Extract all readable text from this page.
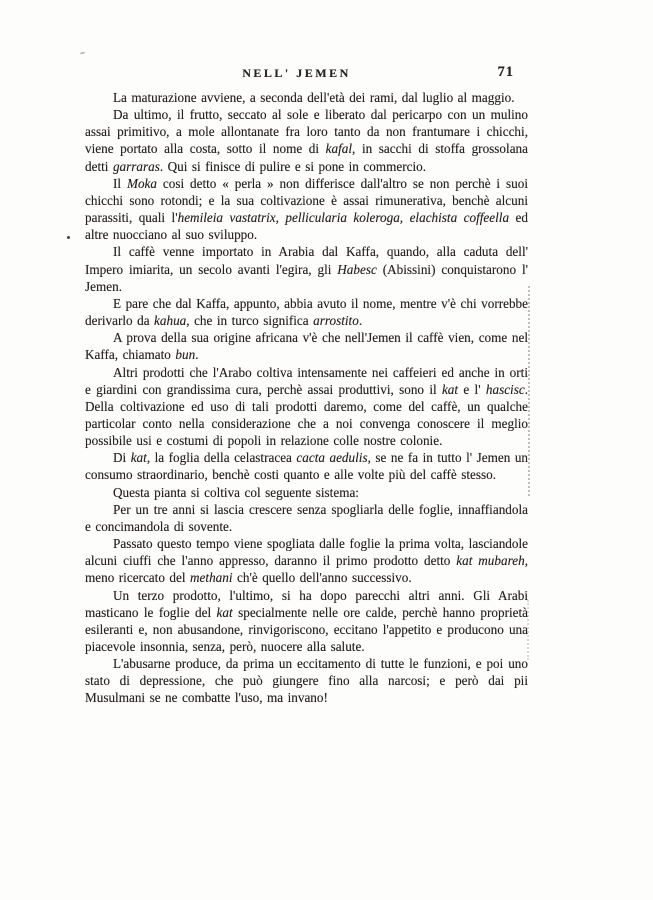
NELL' JEMEN	71

La maturazione avviene, a seconda dell'età dei rami, dal luglio al maggio.

Da ultimo, il frutto, seccato al sole e liberato dal pericarpo con un mulino assai primitivo, a mole allontanate fra loro tanto da non frantumare i chicchi, viene portato alla costa, sotto il nome di kafal, in sacchi di stoffa grossolana detti garraras. Qui si finisce di pulire e si pone in commercio.

Il Moka cosi detto « perla » non differisce dall'altro se non perchè i suoi chicchi sono rotondi; e la sua coltivazione è assai rimunerativa, benchè alcuni parassiti, quali l'hemileia vastatrix, pellicularia koleroga, elachista coffeella ed altre nuocciano al suo sviluppo.

Il caffè venne importato in Arabia dal Kaffa, quando, alla caduta dell' Impero imiarita, un secolo avanti l'egira, gli Habesc (Abissini) conquistarono l' Jemen.

E pare che dal Kaffa, appunto, abbia avuto il nome, mentre v'è chi vorrebbe derivarlo da kahua, che in turco significa arrostito.

A prova della sua origine africana v'è che nell'Jemen il caffè vien, come nel Kaffa, chiamato bun.

Altri prodotti che l'Arabo coltiva intensamente nei caffeieri ed anche in orti e giardini con grandissima cura, perchè assai produttivi, sono il kat e l' hascisc. Della coltivazione ed uso di tali prodotti daremo, come del caffè, un qualche particolar conto nella considerazione che a noi convenga conoscere il meglio possibile usi e costumi di popoli in relazione colle nostre colonie.

Di kat, la foglia della celastracea cacta aedulis, se ne fa in tutto l' Jemen un consumo straordinario, benchè costi quanto e alle volte più del caffè stesso.

Questa pianta si coltiva col seguente sistema:

Per un tre anni si lascia crescere senza spogliarla delle foglie, innaffiandola e concimandola di sovente.

Passato questo tempo viene spogliata dalle foglie la prima volta, lasciandole alcuni ciuffi che l'anno appresso, daranno il primo prodotto detto kat mubareh, meno ricercato del methani ch'è quello dell'anno successivo.

Un terzo prodotto, l'ultimo, si ha dopo parecchi altri anni. Gli Arabi masticano le foglie del kat specialmente nelle ore calde, perchè hanno proprietà esileranti e, non abusandone, rinvigoriscono, eccitano l'appetito e producono una piacevole insonnia, senza, però, nuocere alla salute.

L'abusarne produce, da prima un eccitamento di tutte le funzioni, e poi uno stato di depressione, che può giungere fino alla narcosi; e però dai pii Musulmani se ne combatte l'uso, ma invano!
